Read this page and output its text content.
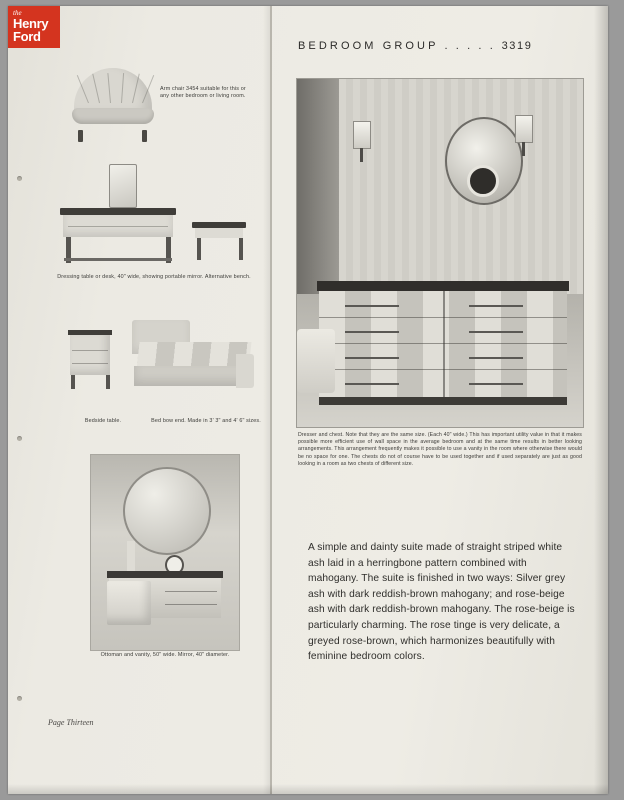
the
Henry
Ford
Arm chair 3454 suitable for this or any other bedroom or living room.
Dressing table or desk, 40" wide, showing portable mirror. Alternative bench.
Bedside table.	Bed bow end. Made in 3' 3" and 4' 6" sizes.
Ottoman and vanity, 50" wide. Mirror, 40" diameter.
Page Thirteen
BEDROOM GROUP . . . . . 3319
Dresser and chest. Note that they are the same size. (Each 40" wide.) This has important utility value in that it makes possible more efficient use of wall space in the average bedroom and at the same time results in better looking arrangements. This arrangement frequently makes it possible to use a vanity in the room where otherwise there would be no space for one. The chests do not of course have to be used together and if used separately are just as good looking in a room as two chests of different size.
A simple and dainty suite made of straight striped white ash laid in a herringbone pattern combined with mahogany. The suite is finished in two ways: Silver grey ash with dark reddish-brown mahogany; and rose-beige ash with dark reddish-brown mahogany. The rose-beige is particularly charming. The rose tinge is very delicate, a greyed rose-brown, which harmonizes beautifully with feminine bedroom colors.
